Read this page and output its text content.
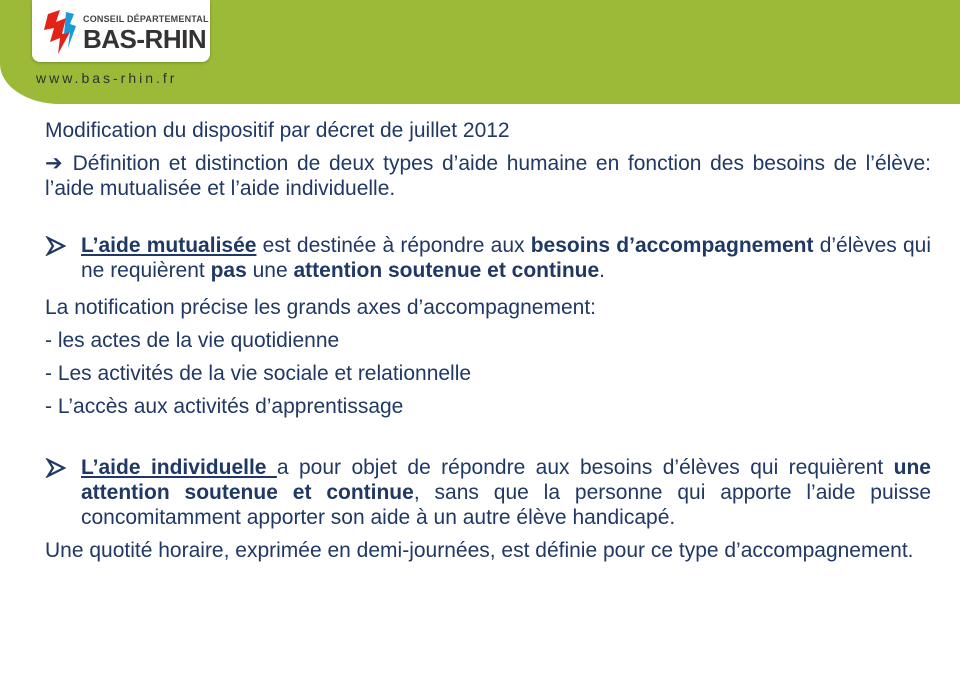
CONSEIL DÉPARTEMENTAL
BAS-RHIN
www.bas-rhin.fr

Modification du dispositif par décret de juillet 2012

➔ Définition et distinction de deux types d’aide humaine en fonction des besoins de l’élève: l’aide mutualisée et l’aide individuelle.

L’aide mutualisée est destinée à répondre aux besoins d’accompagnement d’élèves qui ne requièrent pas une attention soutenue et continue.

La notification précise les grands axes d’accompagnement:

- les actes de la vie quotidienne

- Les activités de la vie sociale et relationnelle

- L’accès aux activités d’apprentissage

L’aide individuelle a pour objet de répondre aux besoins d’élèves qui requièrent une attention soutenue et continue, sans que la personne qui apporte l’aide puisse concomitamment apporter son aide à un autre élève handicapé.

Une quotité horaire, exprimée en demi-journées, est définie pour ce type d’accompagnement.
